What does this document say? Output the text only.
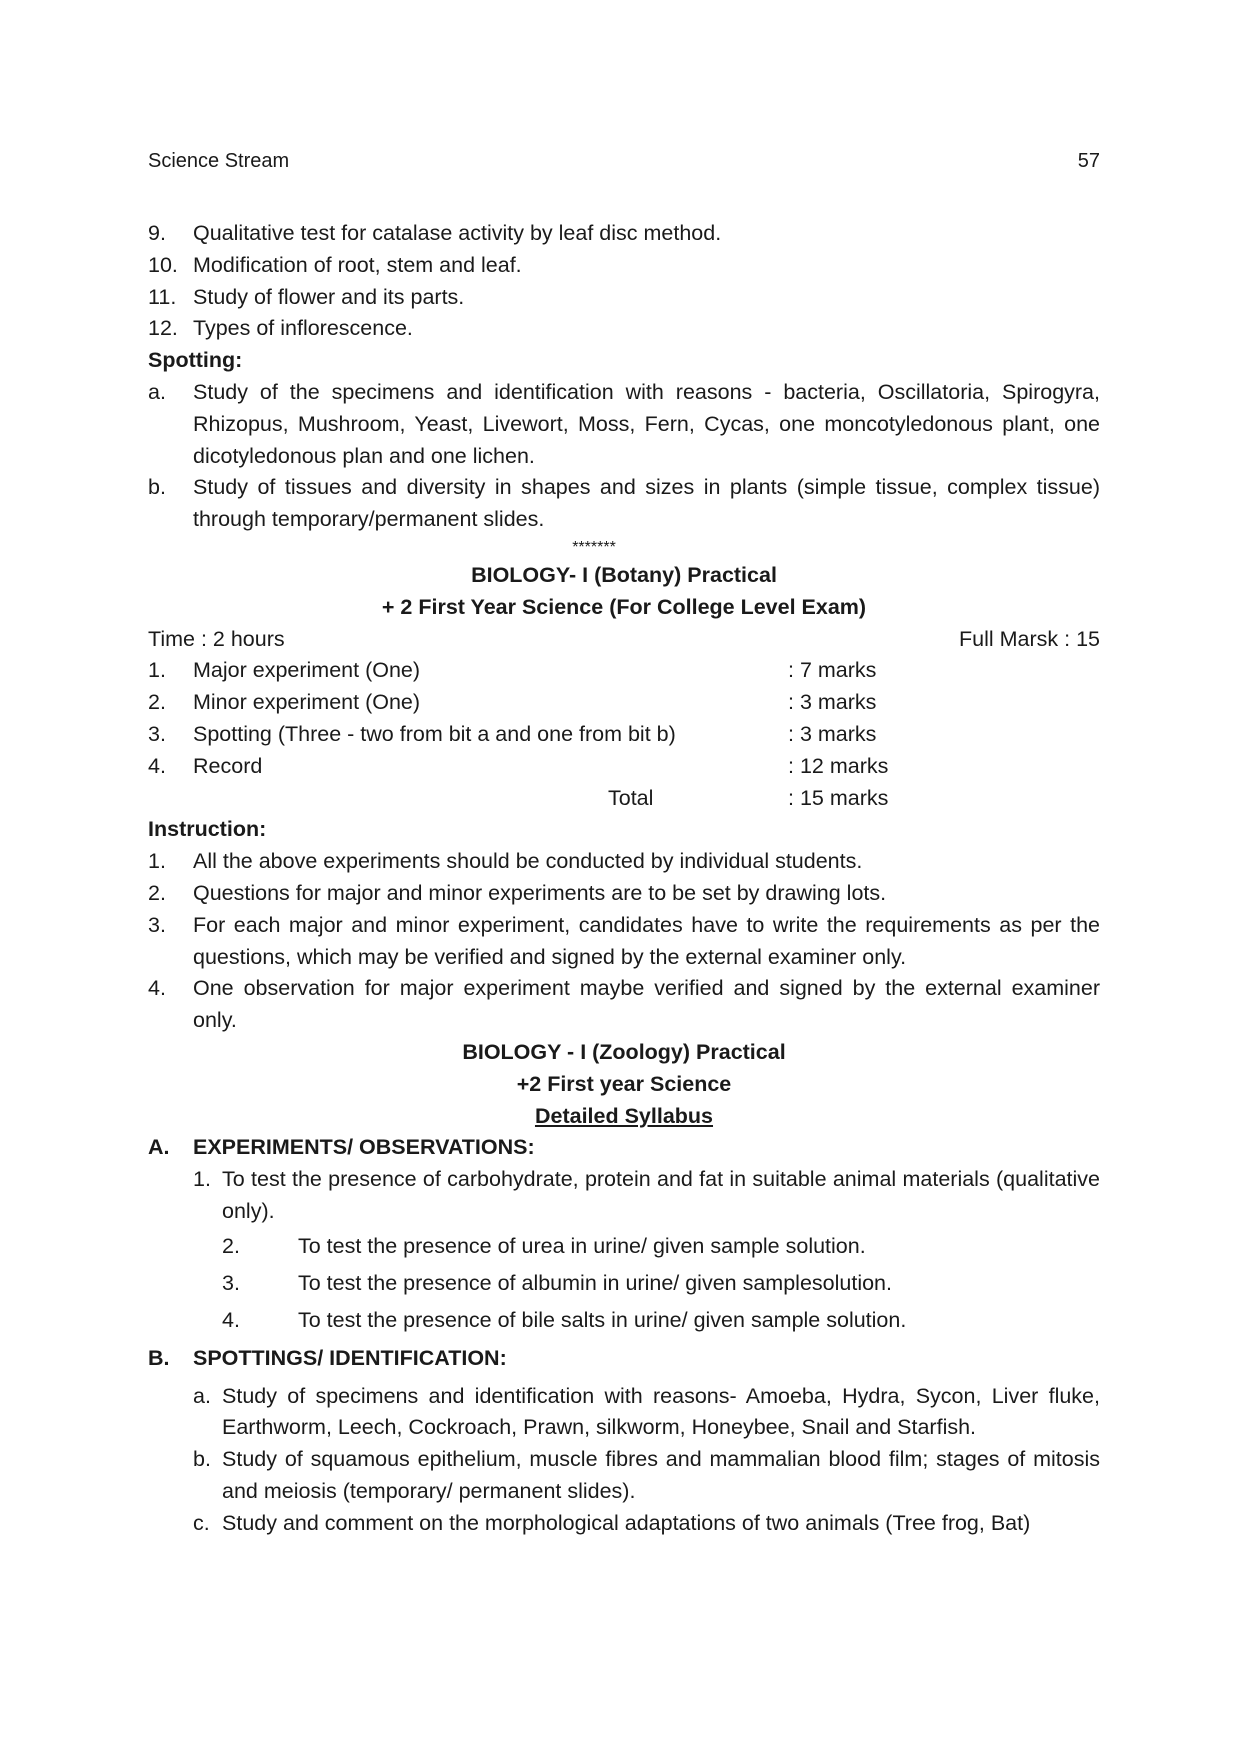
Science Stream	57
9. Qualitative test for catalase activity by leaf disc method.
10. Modification of root, stem and leaf.
11. Study of flower and its parts.
12. Types of inflorescence.
Spotting:
a. Study of the specimens and identification with reasons - bacteria, Oscillatoria, Spirogyra, Rhizopus, Mushroom, Yeast, Livewort, Moss, Fern, Cycas, one moncotyledonous plant, one dicotyledonous plan and one lichen.
b. Study of tissues and diversity in shapes and sizes in plants (simple tissue, complex tissue) through temporary/permanent slides.
*******
BIOLOGY- I (Botany) Practical
+ 2 First Year Science (For College Level Exam)
Time : 2 hours	Full Marsk : 15
1. Major experiment (One)	: 7 marks
2. Minor experiment (One)	: 3 marks
3. Spotting (Three - two from bit a and one from bit b)	: 3 marks
4. Record	: 12 marks
Total	: 15 marks
Instruction:
1. All the above experiments should be conducted by individual students.
2. Questions for major and minor experiments are to be set by drawing lots.
3. For each major and minor experiment, candidates have to write the requirements as per the questions, which may be verified and signed by the external examiner only.
4. One observation for major experiment maybe verified and signed by the external examiner only.
BIOLOGY - I (Zoology) Practical
+2 First year Science
Detailed Syllabus
A. EXPERIMENTS/ OBSERVATIONS:
1. To test the presence of carbohydrate, protein and fat in suitable animal materials (qualitative only).
2.	To test the presence of urea in urine/ given sample solution.
3.	To test the presence of albumin in urine/ given samplesolution.
4.	To test the presence of bile salts in urine/ given sample solution.
B. SPOTTINGS/ IDENTIFICATION:
a. Study of specimens and identification with reasons- Amoeba, Hydra, Sycon, Liver fluke, Earthworm, Leech, Cockroach, Prawn, silkworm, Honeybee, Snail and Starfish.
b. Study of squamous epithelium, muscle fibres and mammalian blood film; stages of mitosis and meiosis (temporary/ permanent slides).
c. Study and comment on the morphological adaptations of two animals (Tree frog, Bat)
